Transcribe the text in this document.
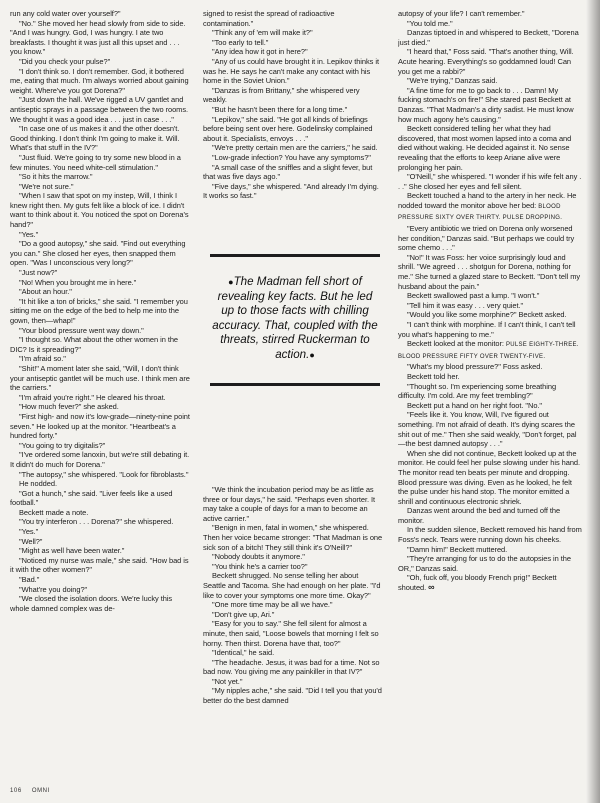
run any cold water over yourself?"

"No." She moved her head slowly from side to side. "And I was hungry. God, I was hungry. I ate two breakfasts. I thought it was just all this upset and . . . you know."

"Did you check your pulse?"

"I don't think so. I don't remember. God, it bothered me, eating that much. I'm always worried about gaining weight. Where've you got Dorena?"

"Just down the hall. We've rigged a UV gantlet and antiseptic sprays in a passage between the two rooms. We thought it was a good idea . . . just in case . . ."

"In case one of us makes it and the other doesn't. Good thinking. I don't think I'm going to make it. Will. What's that stuff in the IV?"

"Just fluid. We're going to try some new blood in a few minutes. You need white-cell stimulation."

"So it hits the marrow."

"We're not sure."

"When I saw that spot on my instep, Will, I think I knew right then. My guts felt like a block of ice. I didn't want to think about it. You noticed the spot on Dorena's hand?"

"Yes."

"Do a good autopsy," she said. "Find out everything you can." She closed her eyes, then snapped them open. "Was I unconscious very long?"

"Just now?"

"No! When you brought me in here."

"About an hour."

"It hit like a ton of bricks," she said. "I remember you sitting me on the edge of the bed to help me into the gown, then—whap!"

"Your blood pressure went way down."

"I thought so. What about the other women in the DIC? Is it spreading?"

"I'm afraid so."

"Shit!" A moment later she said, "Will, I don't think your antiseptic gantlet will be much use. I think men are the carriers."

"I'm afraid you're right." He cleared his throat.

"How much fever?" she asked.

"First high- and now it's low-grade—ninety-nine point seven." He looked up at the monitor. "Heartbeat's a hundred forty."

"You going to try digitalis?"

"I've ordered some lanoxin, but we're still debating it. It didn't do much for Dorena."

"The autopsy," she whispered. "Look for fibroblasts."

He nodded.

"Got a hunch," she said. "Liver feels like a used football."

Beckett made a note.

"You try interferon . . . Dorena?" she whispered.

"Yes."

"Well?"

"Might as well have been water."

"Noticed my nurse was male," she said. "How bad is it with the other women?"

"Bad."

"What're you doing?"

"We closed the isolation doors. We're lucky this whole damned complex was de-

signed to resist the spread of radioactive contamination."

"Think any of 'em will make it?"

"Too early to tell."

"Any idea how it got in here?"

"Any of us could have brought it in. Lepikov thinks it was he. He says he can't make any contact with his home in the Soviet Union."

"Danzas is from Brittany," she whispered very weakly.

"But he hasn't been there for a long time."

"Lepikov," she said. "He got all kinds of briefings before being sent over here. Godelinsky complained about it. Specialists, envoys . . ."

"We're pretty certain men are the carriers," he said.

"Low-grade infection? You have any symptoms?"

"A small case of the sniffles and a slight fever, but that was five days ago."

"Five days," she whispered. "And already I'm dying. It works so fast."

●The Madman fell short of revealing key facts. But he led up to those facts with chilling accuracy. That, coupled with the threats, stirred Ruckerman to action.●

"We think the incubation period may be as little as three or four days," he said. "Perhaps even shorter. It may take a couple of days for a man to become an active carrier."

"Benign in men, fatal in women," she whispered. Then her voice became stronger: "That Madman is one sick son of a bitch! They still think it's O'Neill?"

"Nobody doubts it anymore."

"You think he's a carrier too?"

Beckett shrugged. No sense telling her about Seattle and Tacoma. She had enough on her plate. "I'd like to cover your symptoms one more time. Okay?"

"One more time may be all we have."

"Don't give up, Ari."

"Easy for you to say." She fell silent for almost a minute, then said, "Loose bowels that morning I felt so horny. Then thirst. Dorena have that, too?"

"Identical," he said.

"The headache. Jesus, it was bad for a time. Not so bad now. You giving me any painkiller in that IV?"

"Not yet."

"My nipples ache," she said. "Did I tell you that you'd better do the best damned

autopsy of your life? I can't remember."

"You told me."

Danzas tiptoed in and whispered to Beckett, "Dorena just died."

"I heard that," Foss said. "That's another thing, Will. Acute hearing. Everything's so goddamned loud! Can you get me a rabbi?"

"We're trying," Danzas said.

"A fine time for me to go back to . . . Damn! My fucking stomach's on fire!" She stared past Beckett at Danzas. "That Madman's a dirty sadist. He must know how much agony he's causing."

Beckett considered telling her what they had discovered, that most women lapsed into a coma and died without waking. He decided against it. No sense revealing that the efforts to keep Ariane alive were prolonging her pain.

"O'Neill," she whispered. "I wonder if his wife felt any . . ." She closed her eyes and fell silent.

Beckett touched a hand to the artery in her neck. He nodded toward the monitor above her bed: BLOOD PRESSURE SIXTY OVER THIRTY. PULSE DROPPING.

"Every antibiotic we tried on Dorena only worsened her condition," Danzas said. "But perhaps we could try some chemo . . ."

"No!" It was Foss: her voice surprisingly loud and shrill. "We agreed . . . shotgun for Dorena, nothing for me." She turned a glazed stare to Beckett. "Don't tell my husband about the pain."

Beckett swallowed past a lump. "I won't."

"Tell him it was easy . . . very quiet."

"Would you like some morphine?" Beckett asked.

"I can't think with morphine. If I can't think, I can't tell you what's happening to me."

Beckett looked at the monitor: PULSE EIGHTY-THREE. BLOOD PRESSURE FIFTY OVER TWENTY-FIVE.

"What's my blood pressure?" Foss asked.

Beckett told her.

"Thought so. I'm experiencing some breathing difficulty. I'm cold. Are my feet trembling?"

Beckett put a hand on her right foot. "No."

"Feels like it. You know, Will, I've figured out something. I'm not afraid of death. It's dying scares the shit out of me." Then she said weakly, "Don't forget, pal—the best damned autopsy . . ."

When she did not continue, Beckett looked up at the monitor. He could feel her pulse slowing under his hand. The monitor read ten beats per minute and dropping. Blood pressure was diving. Even as he looked, he felt the pulse under his hand stop. The monitor emitted a shrill and continuous electronic shriek.

Danzas went around the bed and turned off the monitor.

In the sudden silence, Beckett removed his hand from Foss's neck. Tears were running down his cheeks.

"Damn him!" Beckett muttered.

"They're arranging for us to do the autopsies in the OR," Danzas said.

"Oh, fuck off, you bloody French prig!" Beckett shouted. ∞

106 OMNI
